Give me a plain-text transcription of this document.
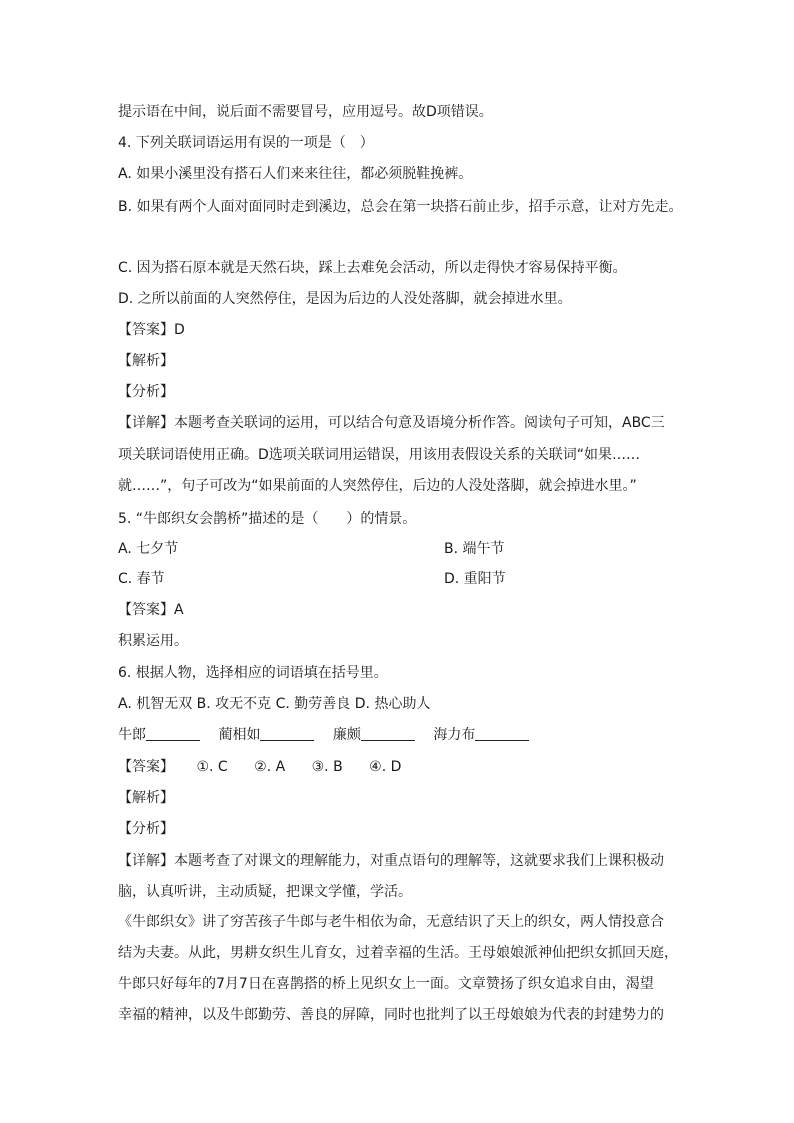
提示语在中间，说后面不需要冒号，应用逗号。故D项错误。
4. 下列关联词语运用有误的一项是（　）
A. 如果小溪里没有搭石人们来来往往，都必须脱鞋挽裤。
B. 如果有两个人面对面同时走到溪边，总会在第一块搭石前止步，招手示意，让对方先走。
C. 因为搭石原本就是天然石块，踩上去难免会活动，所以走得快才容易保持平衡。
D. 之所以前面的人突然停住，是因为后边的人没处落脚，就会掉进水里。
【答案】D
【解析】
【分析】
【详解】本题考查关联词的运用，可以结合句意及语境分析作答。阅读句子可知，ABC三
项关联词语使用正确。D选项关联词用运错误，用该用表假设关系的关联词“如果……
就……”，句子可改为“如果前面的人突然停住，后边的人没处落脚，就会掉进水里。”
5. “牛郎织女会鹊桥”描述的是（　　）的情景。
A. 七夕节	B. 端午节
C. 春节	D. 重阳节
【答案】A
积累运用。
6. 根据人物，选择相应的词语填在括号里。
A. 机智无双 B. 攻无不克 C. 勤劳善良 D. 热心助人
牛郎	蔺相如	廉颇	海力布
【答案】 ①. C ②. A ③. B ④. D
【解析】
【分析】
【详解】本题考查了对课文的理解能力，对重点语句的理解等，这就要求我们上课积极动
脑，认真听讲，主动质疑，把课文学懂，学活。
《牛郎织女》讲了穷苦孩子牛郎与老牛相依为命，无意结识了天上的织女，两人情投意合
结为夫妻。从此，男耕女织生儿育女，过着幸福的生活。王母娘娘派神仙把织女抓回天庭，
牛郎只好每年的7月7日在喜鹊搭的桥上见织女上一面。文章赞扬了织女追求自由，渴望
幸福的精神，以及牛郎勤劳、善良的屏障，同时也批判了以王母娘娘为代表的封建势力的
